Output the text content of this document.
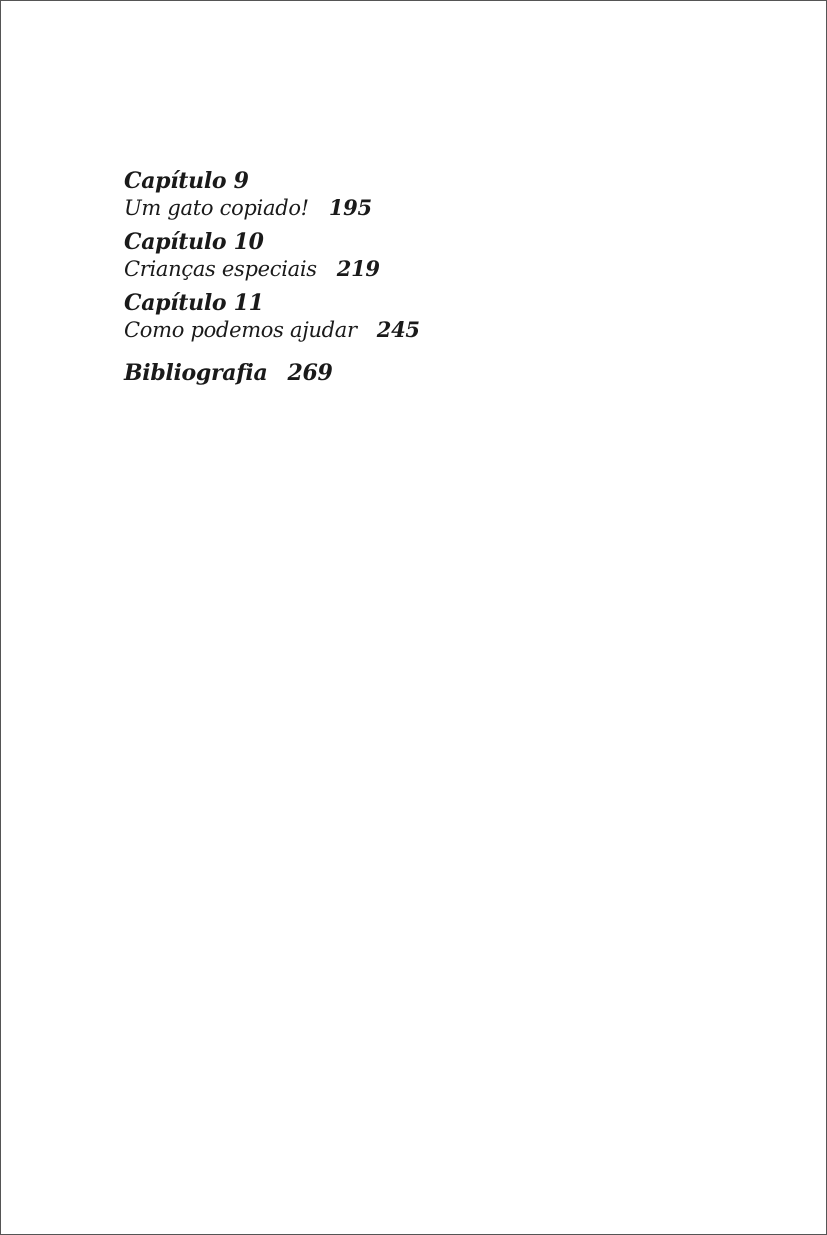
Capítulo 9
Um gato copiado! 195
Capítulo 10
Crianças especiais 219
Capítulo 11
Como podemos ajudar 245
Bibliografia 269
